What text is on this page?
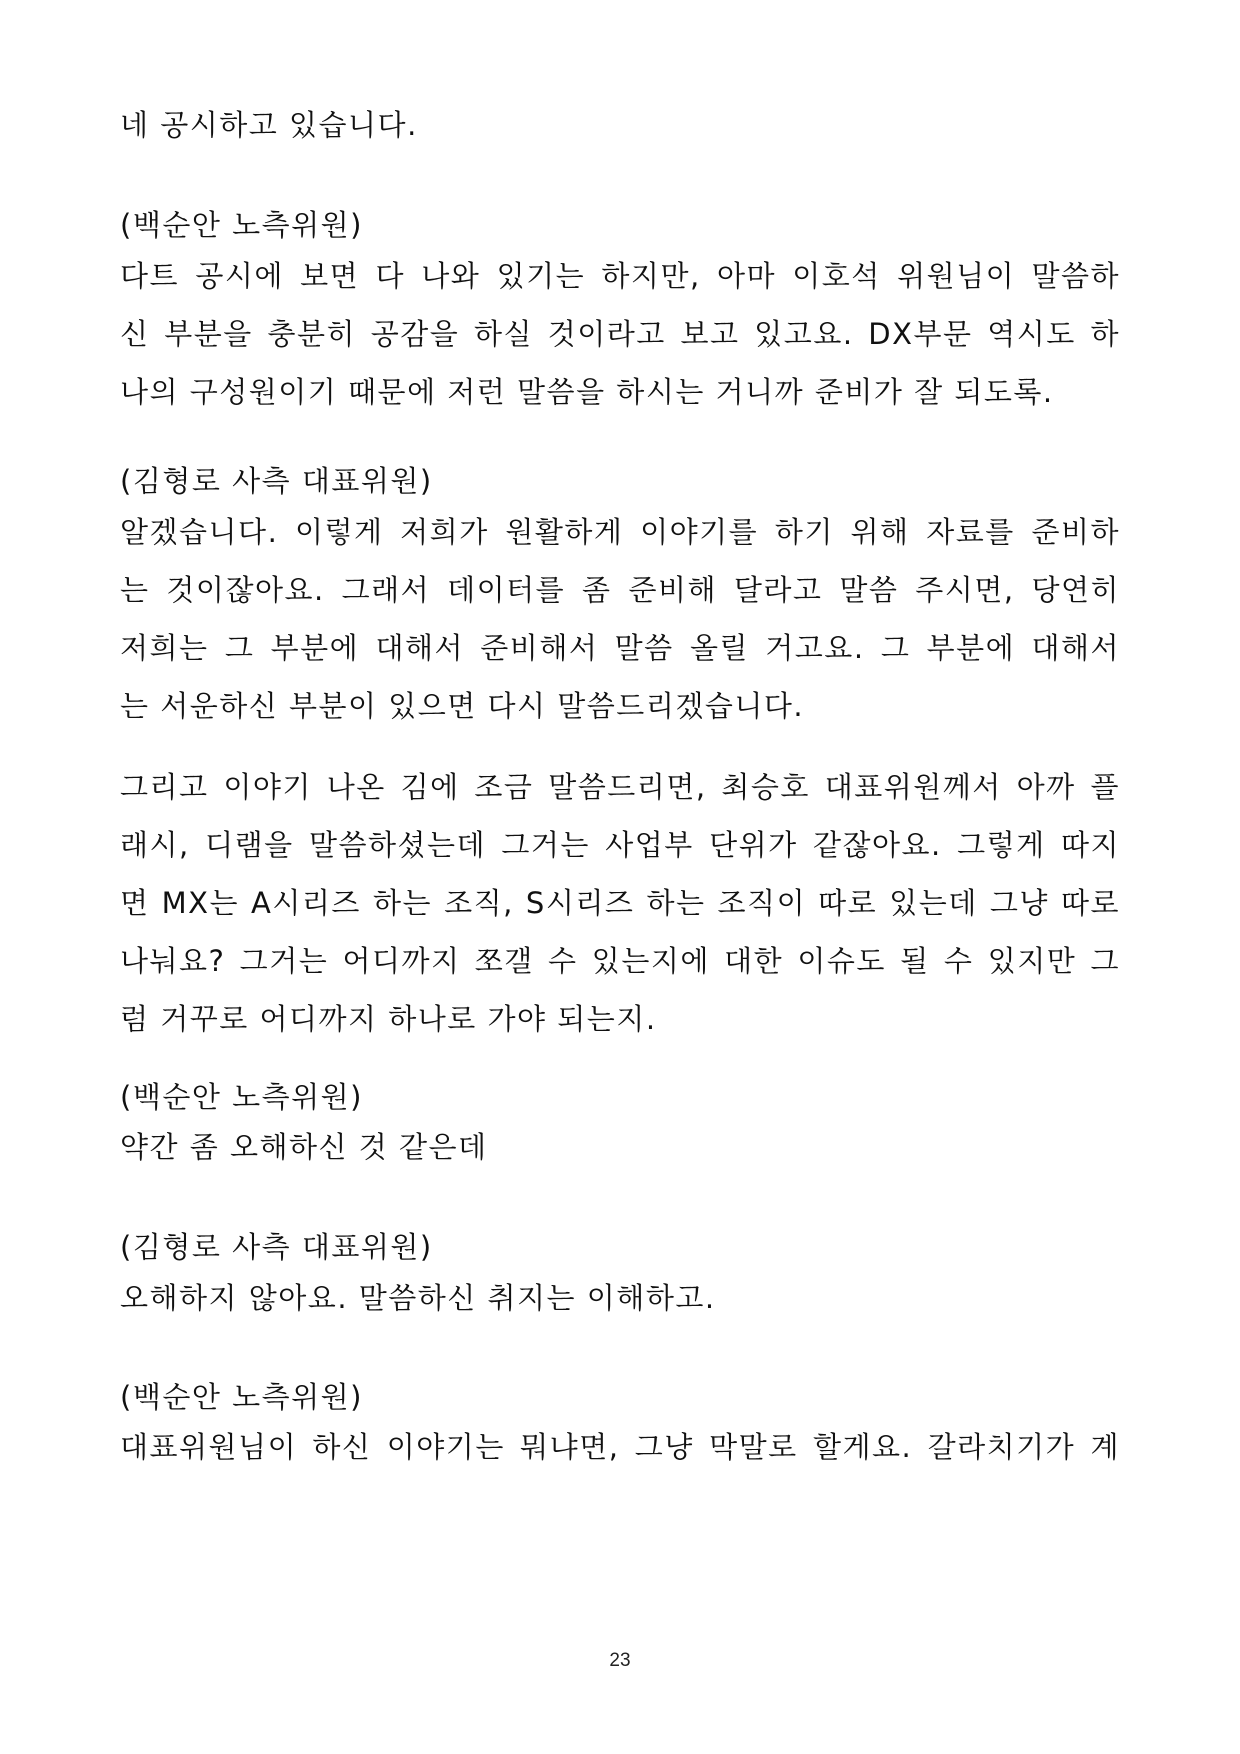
네 공시하고 있습니다.
(백순안 노측위원)
다트 공시에 보면 다 나와 있기는 하지만, 아마 이호석 위원님이 말씀하
신 부분을 충분히 공감을 하실 것이라고 보고 있고요. DX부문 역시도 하
나의 구성원이기 때문에 저런 말씀을 하시는 거니까 준비가 잘 되도록.
(김형로 사측 대표위원)
알겠습니다. 이렇게 저희가 원활하게 이야기를 하기 위해 자료를 준비하
는 것이잖아요. 그래서 데이터를 좀 준비해 달라고 말씀 주시면, 당연히
저희는 그 부분에 대해서 준비해서 말씀 올릴 거고요. 그 부분에 대해서
는 서운하신 부분이 있으면 다시 말씀드리겠습니다.
그리고 이야기 나온 김에 조금 말씀드리면, 최승호 대표위원께서 아까 플
래시, 디램을 말씀하셨는데 그거는 사업부 단위가 같잖아요. 그렇게 따지
면 MX는 A시리즈 하는 조직, S시리즈 하는 조직이 따로 있는데 그냥 따로
나눠요? 그거는 어디까지 쪼갤 수 있는지에 대한 이슈도 될 수 있지만 그
럼 거꾸로 어디까지 하나로 가야 되는지.
(백순안 노측위원)
약간 좀 오해하신 것 같은데
(김형로 사측 대표위원)
오해하지 않아요. 말씀하신 취지는 이해하고.
(백순안 노측위원)
대표위원님이 하신 이야기는 뭐냐면, 그냥 막말로 할게요. 갈라치기가 계
23
